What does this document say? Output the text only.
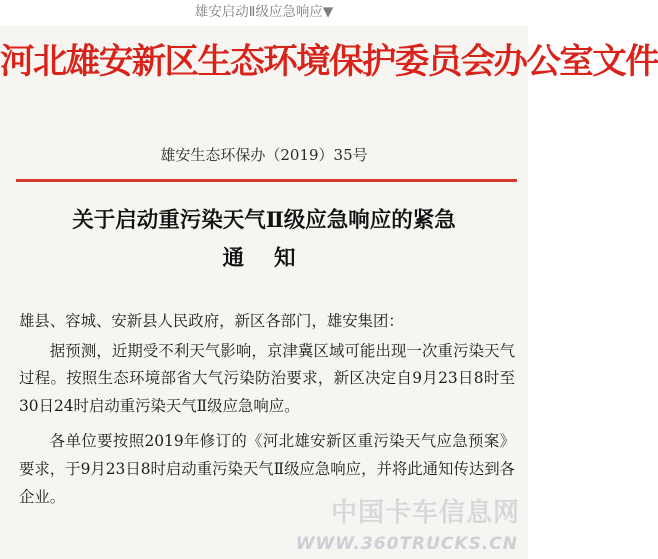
雄安启动Ⅱ级应急响应▼
河北雄安新区生态环境保护委员会办公室文件
雄安生态环保办（2019）35号
关于启动重污染天气Ⅱ级应急响应的紧急
通知

雄县、容城、安新县人民政府，新区各部门，雄安集团：

据预测，近期受不利天气影响，京津冀区域可能出现一次重污染天气过程。按照生态环境部省大气污染防治要求，新区决定自9月23日8时至30日24时启动重污染天气Ⅱ级应急响应。

各单位要按照2019年修订的《河北雄安新区重污染天气应急预案》要求，于9月23日8时启动重污染天气Ⅱ级应急响应，并将此通知传达到各企业。

中国卡车信息网
WWW.360TRUCKS.CN
